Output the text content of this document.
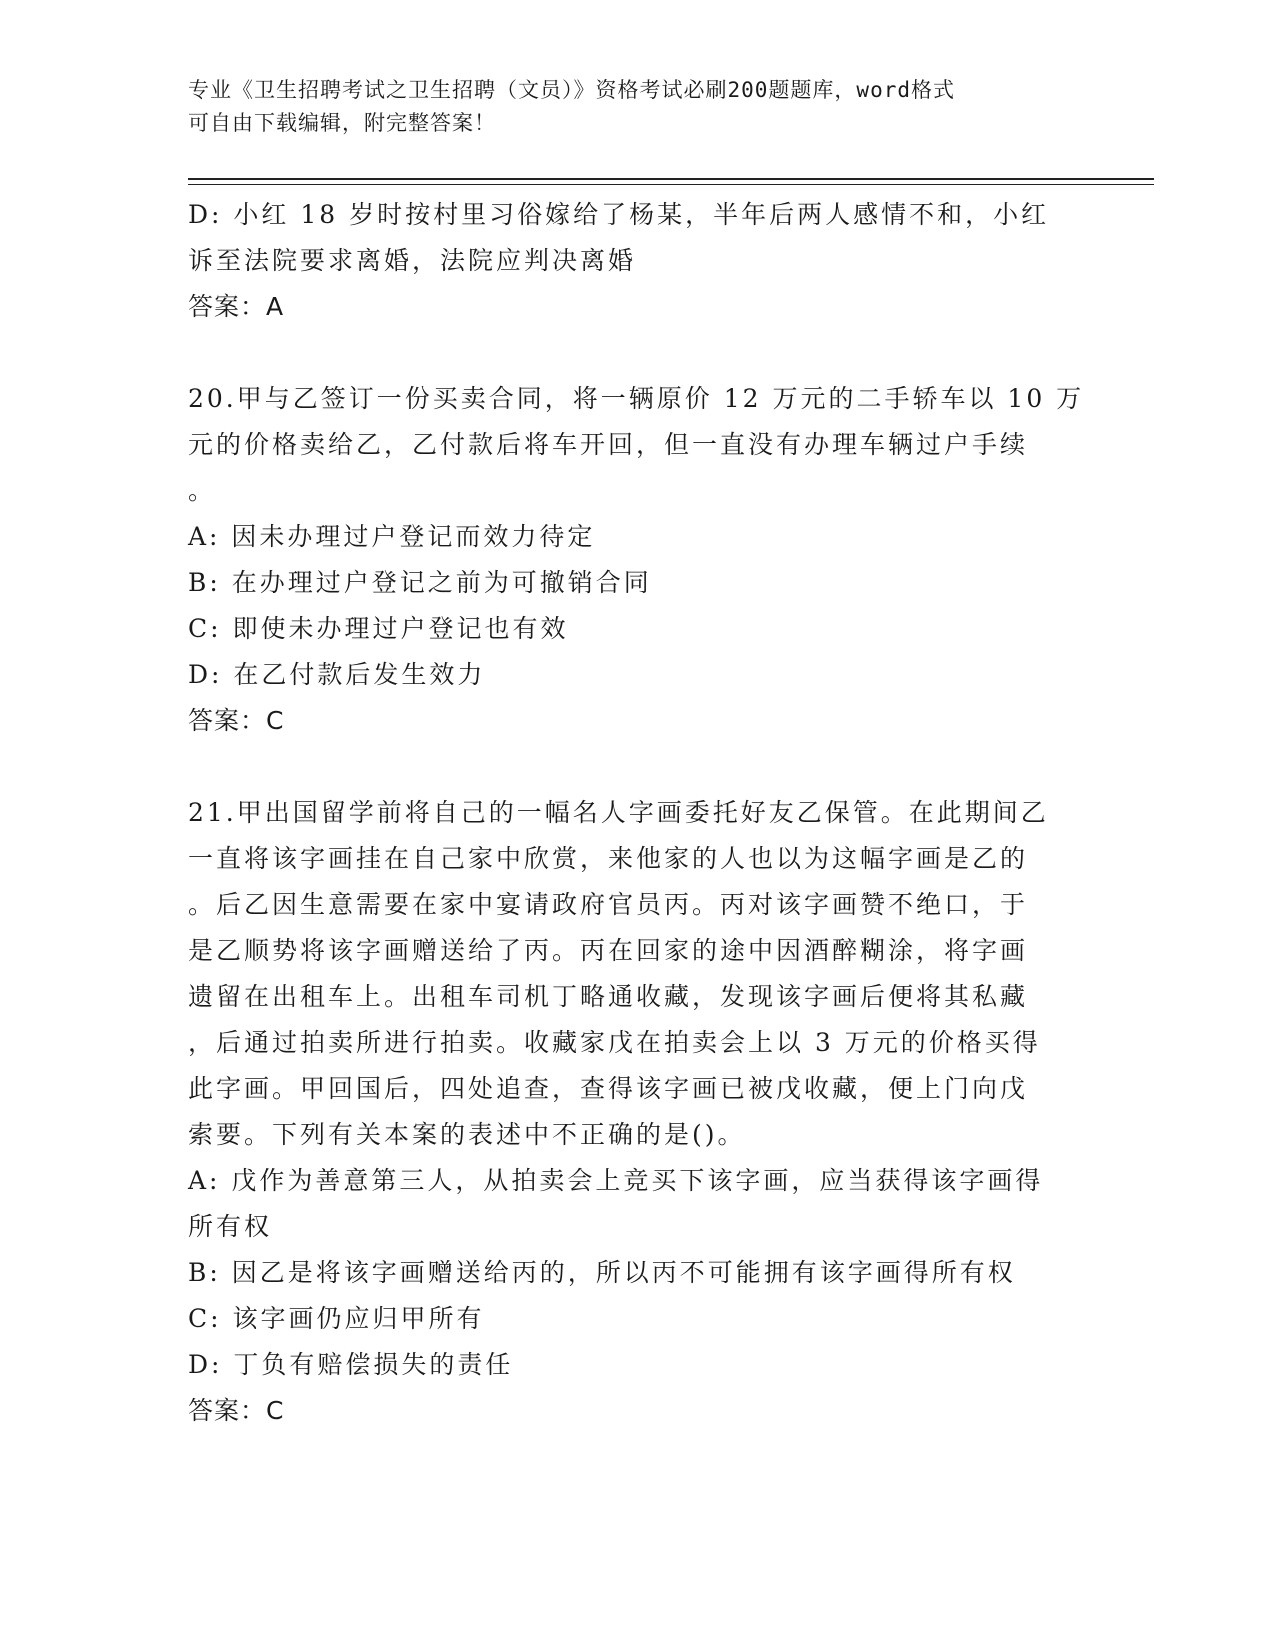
专业《卫生招聘考试之卫生招聘（文员）》资格考试必刷200题题库，word格式
可自由下载编辑，附完整答案！
D: 小红 18 岁时按村里习俗嫁给了杨某，半年后两人感情不和，小红
诉至法院要求离婚，法院应判决离婚
答案：A
20.甲与乙签订一份买卖合同，将一辆原价 12 万元的二手轿车以 10 万
元的价格卖给乙，乙付款后将车开回，但一直没有办理车辆过户手续
。
A: 因未办理过户登记而效力待定
B: 在办理过户登记之前为可撤销合同
C: 即使未办理过户登记也有效
D: 在乙付款后发生效力
答案：C
21.甲出国留学前将自己的一幅名人字画委托好友乙保管。在此期间乙
一直将该字画挂在自己家中欣赏，来他家的人也以为这幅字画是乙的
。后乙因生意需要在家中宴请政府官员丙。丙对该字画赞不绝口，于
是乙顺势将该字画赠送给了丙。丙在回家的途中因酒醉糊涂，将字画
遗留在出租车上。出租车司机丁略通收藏，发现该字画后便将其私藏
，后通过拍卖所进行拍卖。收藏家戊在拍卖会上以 3 万元的价格买得
此字画。甲回国后，四处追查，查得该字画已被戊收藏，便上门向戊
索要。下列有关本案的表述中不正确的是()。
A: 戊作为善意第三人，从拍卖会上竞买下该字画，应当获得该字画得
所有权
B: 因乙是将该字画赠送给丙的，所以丙不可能拥有该字画得所有权
C: 该字画仍应归甲所有
D: 丁负有赔偿损失的责任
答案：C
